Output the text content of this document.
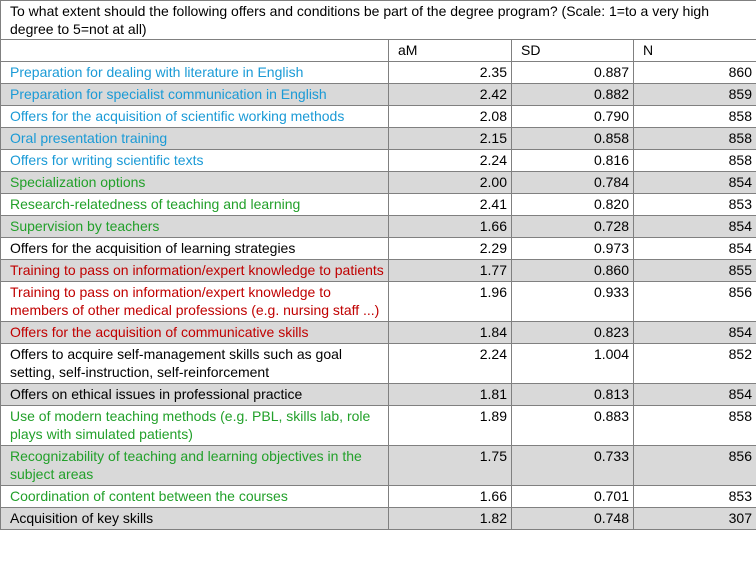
To what extent should the following offers and conditions be part of the degree program? (Scale: 1=to a very high degree to 5=not at all)			
	aM	SD	N
Preparation for dealing with literature in English	2.35	0.887	860
Preparation for specialist communication in English	2.42	0.882	859
Offers for the acquisition of scientific working methods	2.08	0.790	858
Oral presentation training	2.15	0.858	858
Offers for writing scientific texts	2.24	0.816	858
Specialization options	2.00	0.784	854
Research-relatedness of teaching and learning	2.41	0.820	853
Supervision by teachers	1.66	0.728	854
Offers for the acquisition of learning strategies	2.29	0.973	854
Training to pass on information/expert knowledge to patients	1.77	0.860	855
Training to pass on information/expert knowledge to members of other medical professions (e.g. nursing staff ...)	1.96	0.933	856
Offers for the acquisition of communicative skills	1.84	0.823	854
Offers to acquire self-management skills such as goal setting, self-instruction, self-reinforcement	2.24	1.004	852
Offers on ethical issues in professional practice	1.81	0.813	854
Use of modern teaching methods (e.g. PBL, skills lab, role plays with simulated patients)	1.89	0.883	858
Recognizability of teaching and learning objectives in the subject areas	1.75	0.733	856
Coordination of content between the courses	1.66	0.701	853
Acquisition of key skills	1.82	0.748	307
